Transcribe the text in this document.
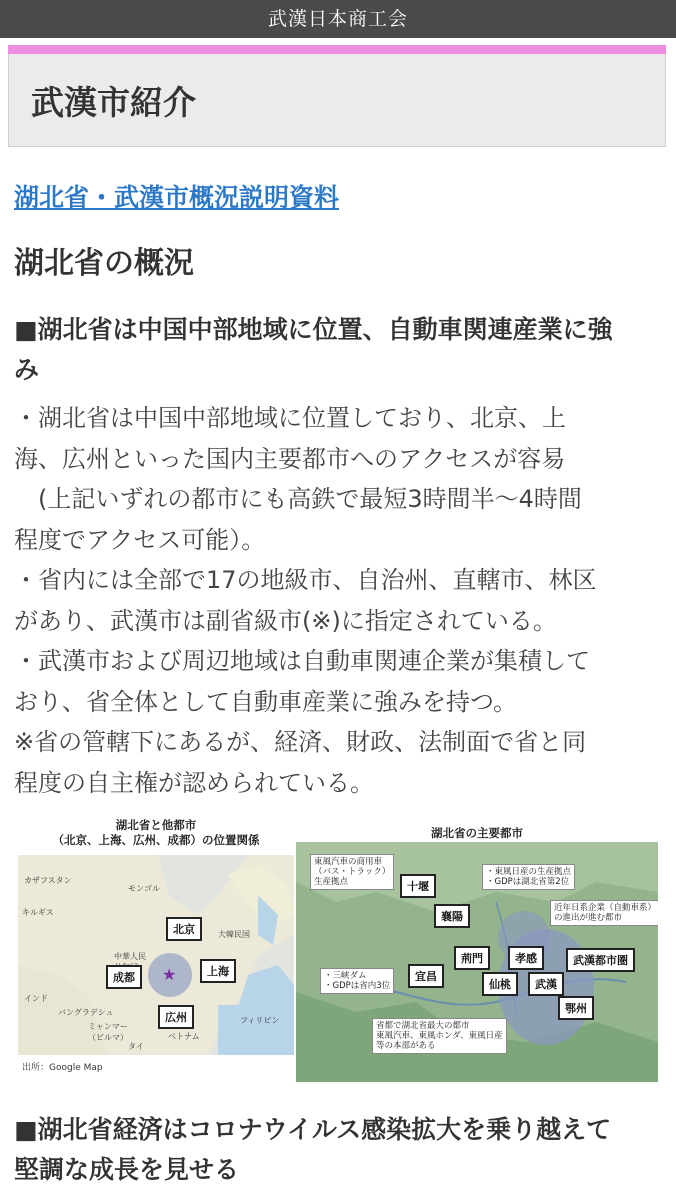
武漢日本商工会
武漢市紹介
湖北省・武漢市概況説明資料
湖北省の概況
■湖北省は中国中部地域に位置、自動車関連産業に強
み
・湖北省は中国中部地域に位置しており、北京、上
海、広州といった国内主要都市へのアクセスが容易
　(上記いずれの都市にも高鉄で最短3時間半～4時間
程度でアクセス可能）。
・省内には全部で17の地級市、自治州、直轄市、林区
があり、武漢市は副省級市(※)に指定されている。
・武漢市および周辺地域は自動車関連企業が集積して
おり、省全体として自動車産業に強みを持つ。
※省の管轄下にあるが、経済、財政、法制面で省と同
程度の自主権が認められている。
湖北省と他都市
（北京、上海、広州、成都）の位置関係
カザフスタン
キルギス
モンゴル
中華人民

大韓民国
インド
バングラデシュ
ミャンマー
（ビルマ）
タイ
ベトナム
フィリピン
北京
上海
成都
広州
★
出所：Google Map
湖北省の主要都市
東風汽車の商用車
（バス・トラック）
生産拠点
・東風日産の生産拠点
・GDPは湖北省第2位
近年日系企業（自動車系）
の進出が進む都市
・三峡ダム
・GDPは省内3位
省都で湖北省最大の都市
東風汽車、東風ホンダ、東風日産
等の本部がある
十堰
襄陽
荊門
宜昌
孝感
仙桃	武漢
鄂州
武漢都市圏
■湖北省経済はコロナウイルス感染拡大を乗り越えて
堅調な成長を見せる
